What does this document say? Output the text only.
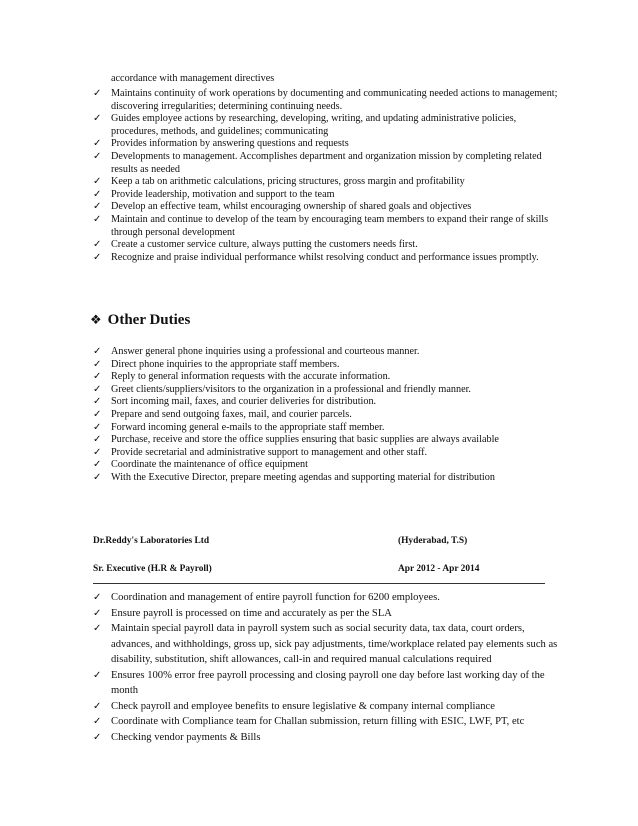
accordance with management directives
✓ Maintains continuity of work operations by documenting and communicating needed actions to management; discovering irregularities; determining continuing needs.
✓ Guides employee actions by researching, developing, writing, and updating administrative policies, procedures, methods, and guidelines; communicating
✓ Provides information by answering questions and requests
✓ Developments to management. Accomplishes department and organization mission by completing related results as needed
✓ Keep a tab on arithmetic calculations, pricing structures, gross margin and profitability
✓ Provide leadership, motivation and support to the team
✓ Develop an effective team, whilst encouraging ownership of shared goals and objectives
✓ Maintain and continue to develop of the team by encouraging team members to expand their range of skills through personal development
✓ Create a customer service culture, always putting the customers needs first.
✓ Recognize and praise individual performance whilst resolving conduct and performance issues promptly.
❖ Other Duties
✓ Answer general phone inquiries using a professional and courteous manner.
✓ Direct phone inquiries to the appropriate staff members.
✓ Reply to general information requests with the accurate information.
✓ Greet clients/suppliers/visitors to the organization in a professional and friendly manner.
✓ Sort incoming mail, faxes, and courier deliveries for distribution.
✓ Prepare and send outgoing faxes, mail, and courier parcels.
✓ Forward incoming general e-mails to the appropriate staff member.
✓ Purchase, receive and store the office supplies ensuring that basic supplies are always available
✓ Provide secretarial and administrative support to management and other staff.
✓ Coordinate the maintenance of office equipment
✓ With the Executive Director, prepare meeting agendas and supporting material for distribution
Dr.Reddy's Laboratories Ltd	(Hyderabad, T.S)
Sr. Executive (H.R & Payroll)	Apr 2012 - Apr 2014
✓ Coordination and management of entire payroll function for 6200 employees.
✓ Ensure payroll is processed on time and accurately as per the SLA
✓ Maintain special payroll data in payroll system such as social security data, tax data, court orders, advances, and withholdings, gross up, sick pay adjustments, time/workplace related pay elements such as disability, substitution, shift allowances, call-in and required manual calculations required
✓ Ensures 100% error free payroll processing and closing payroll one day before last working day of the month
✓ Check payroll and employee benefits to ensure legislative & company internal compliance
✓ Coordinate with Compliance team for Challan submission, return filling with ESIC, LWF, PT, etc
✓ Checking vendor payments & Bills
